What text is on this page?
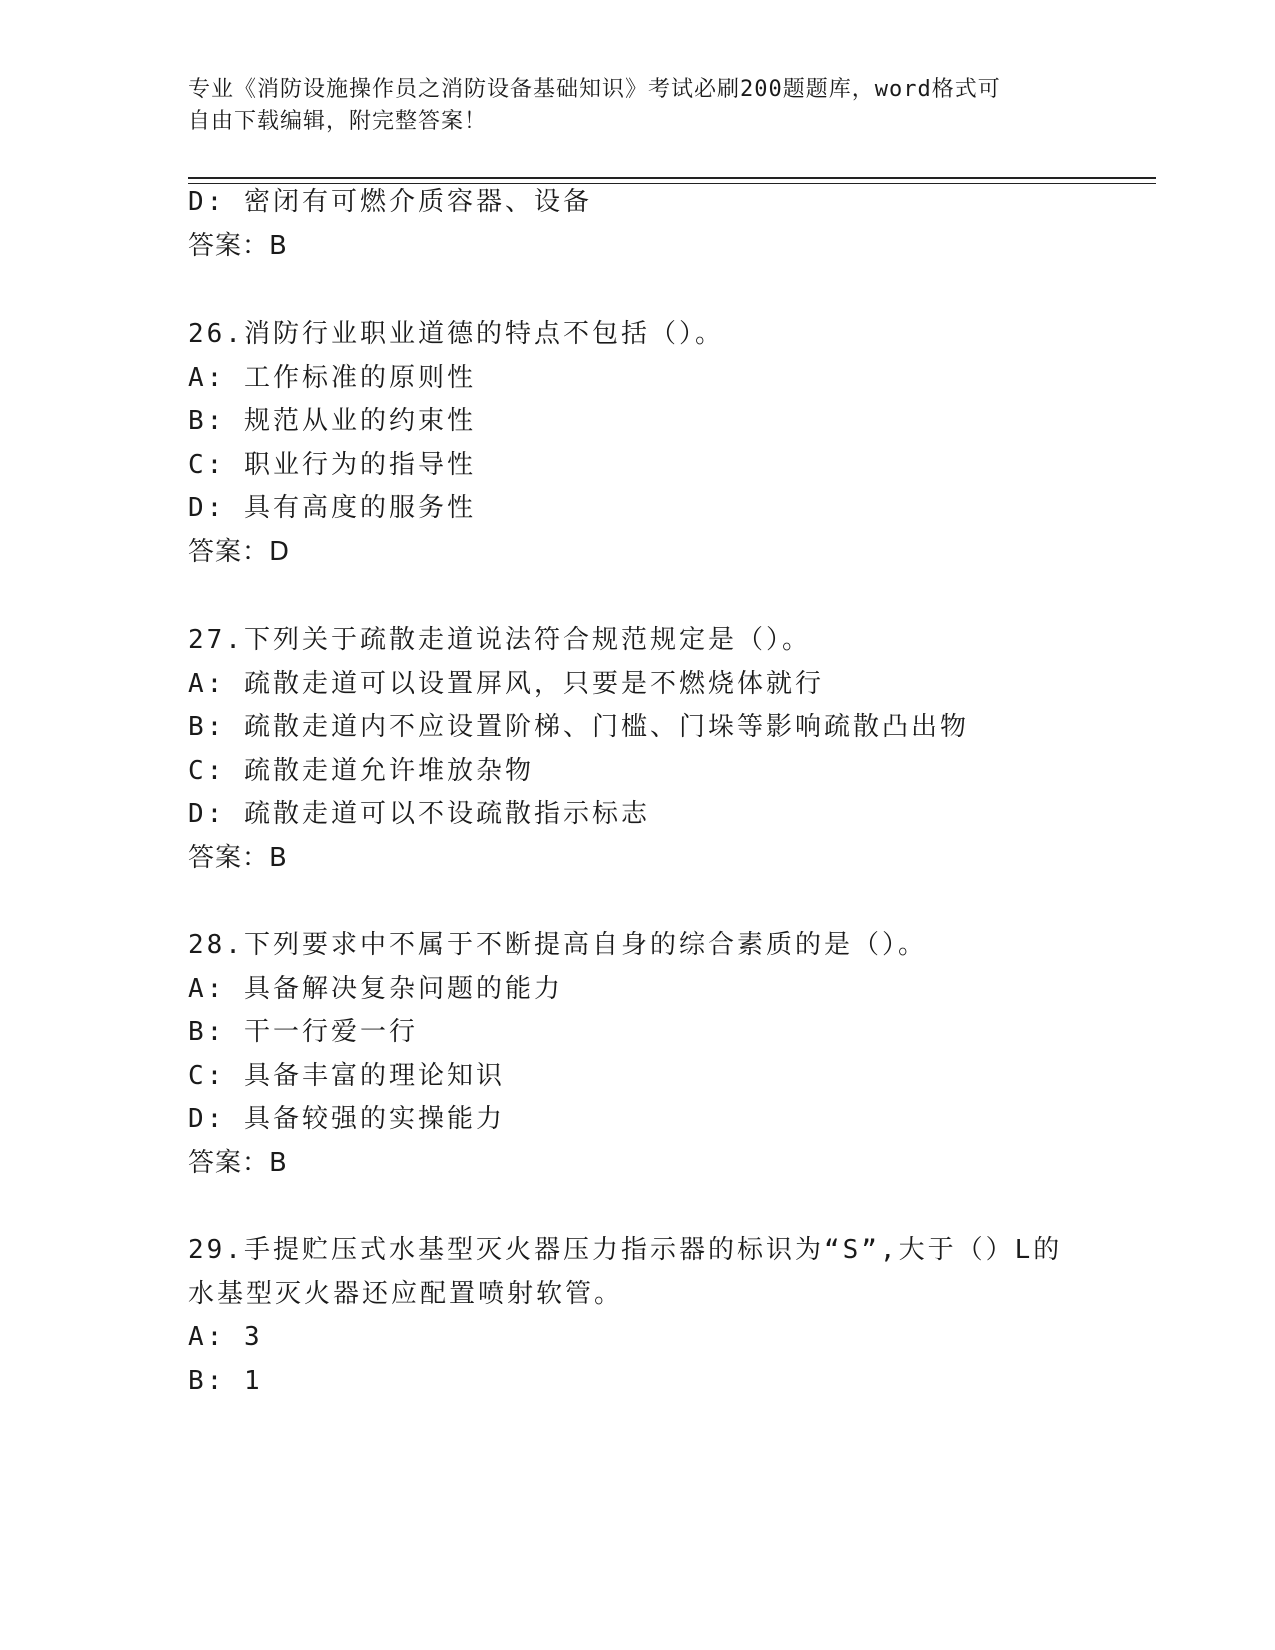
专业《消防设施操作员之消防设备基础知识》考试必刷200题题库，word格式可
自由下载编辑，附完整答案！
D: 密闭有可燃介质容器、设备
答案：B
26.消防行业职业道德的特点不包括（）。
A: 工作标准的原则性
B: 规范从业的约束性
C: 职业行为的指导性
D: 具有高度的服务性
答案：D
27.下列关于疏散走道说法符合规范规定是（）。
A: 疏散走道可以设置屏风，只要是不燃烧体就行
B: 疏散走道内不应设置阶梯、门槛、门垛等影响疏散凸出物
C: 疏散走道允许堆放杂物
D: 疏散走道可以不设疏散指示标志
答案：B
28.下列要求中不属于不断提高自身的综合素质的是（）。
A: 具备解决复杂问题的能力
B: 干一行爱一行
C: 具备丰富的理论知识
D: 具备较强的实操能力
答案：B
29.手提贮压式水基型灭火器压力指示器的标识为“S”,大于（）L的
水基型灭火器还应配置喷射软管。
A: 3
B: 1
